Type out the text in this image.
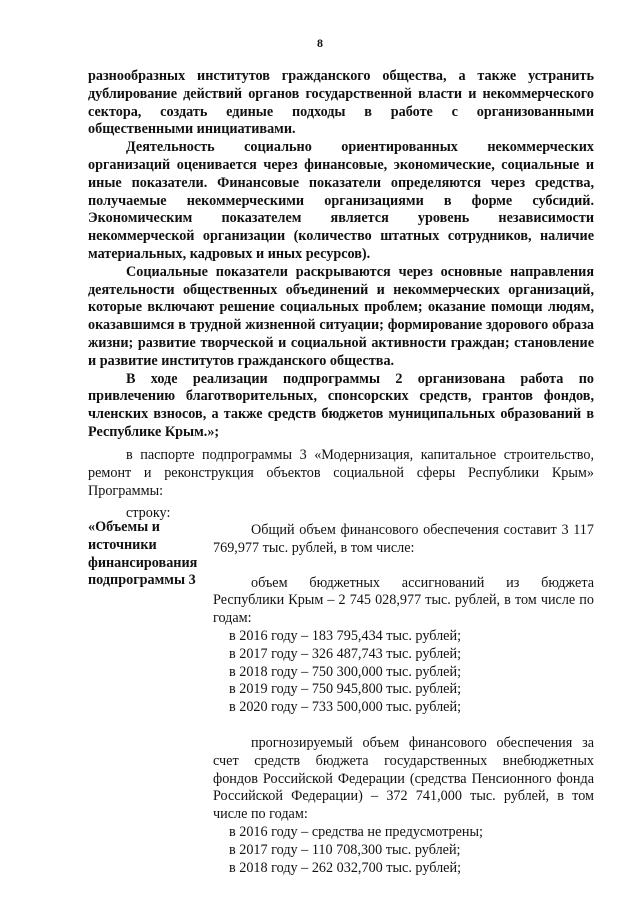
8

разнообразных институтов гражданского общества, а также устранить дублирование действий органов государственной власти и некоммерческого сектора, создать единые подходы в работе с организованными общественными инициативами.

Деятельность социально ориентированных некоммерческих организаций оценивается через финансовые, экономические, социальные и иные показатели. Финансовые показатели определяются через средства, получаемые некоммерческими организациями в форме субсидий. Экономическим показателем является уровень независимости некоммерческой организации (количество штатных сотрудников, наличие материальных, кадровых и иных ресурсов).

Социальные показатели раскрываются через основные направления деятельности общественных объединений и некоммерческих организаций, которые включают решение социальных проблем; оказание помощи людям, оказавшимся в трудной жизненной ситуации; формирование здорового образа жизни; развитие творческой и социальной активности граждан; становление и развитие институтов гражданского общества.

В ходе реализации подпрограммы 2 организована работа по привлечению благотворительных, спонсорских средств, грантов фондов, членских взносов, а также средств бюджетов муниципальных образований в Республике Крым.»;

в паспорте подпрограммы 3 «Модернизация, капитальное строительство, ремонт и реконструкция объектов социальной сферы Республики Крым» Программы:

строку:

«Объемы и
источники
финансирования
подпрограммы 3

Общий объем финансового обеспечения составит 3 117 769,977 тыс. рублей, в том числе:

объем бюджетных ассигнований из бюджета Республики Крым – 2 745 028,977 тыс. рублей, в том числе по годам:

в 2016 году – 183 795,434 тыс. рублей;
в 2017 году – 326 487,743 тыс. рублей;
в 2018 году – 750 300,000 тыс. рублей;
в 2019 году – 750 945,800 тыс. рублей;
в 2020 году – 733 500,000 тыс. рублей;

прогнозируемый объем финансового обеспечения за счет средств бюджета государственных внебюджетных фондов Российской Федерации (средства Пенсионного фонда Российской Федерации) – 372 741,000 тыс. рублей, в том числе по годам:

в 2016 году – средства не предусмотрены;
в 2017 году – 110 708,300 тыс. рублей;
в 2018 году – 262 032,700 тыс. рублей;
